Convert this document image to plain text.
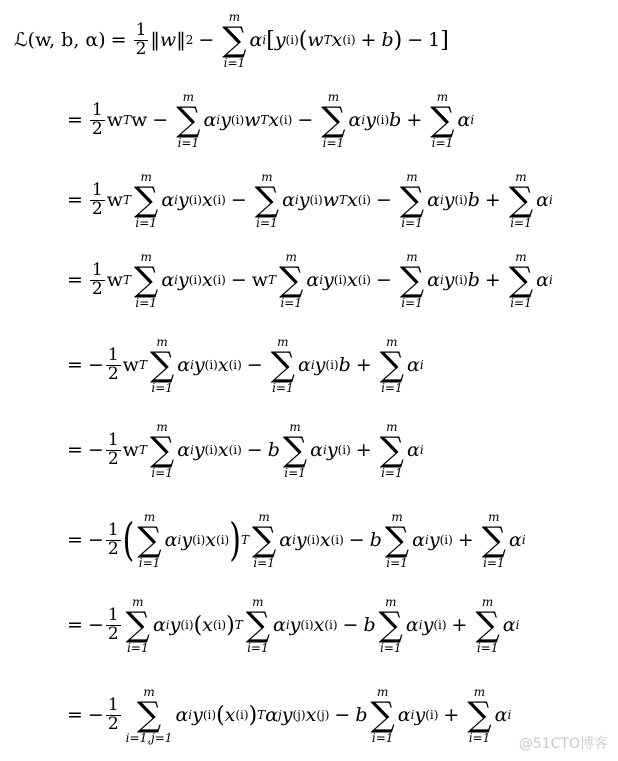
ℒ(w, b, $\alpha) = \frac{1}{2}$ ‖ w ‖ 2 −
m
∑
i=1
α i [ y (i) ( w T x (i) + b ) − 1 ]
= $\frac{1}{2}$ w T w −
m
∑
i=1
α i y (i) w T x (i) −
m
∑
i=1
α i y (i) b +
m
∑
i=1
α i
= $\frac{1}{2}$ w T
m
∑
i=1
α i y (i) x (i) −
m
∑
i=1
α i y (i) w T x (i) −
m
∑
i=1
α i y (i) b +
m
∑
i=1
α i
= $\frac{1}{2}$ w T
m
∑
i=1
α i y (i) x (i) − w T
m
∑
i=1
α i y (i) x (i) −
m
∑
i=1
α i y (i) b +
m
∑
i=1
α i
= − $\frac{1}{2}$ w T
m
∑
i=1
α i y (i) x (i) −
m
∑
i=1
α i y (i) b +
m
∑
i=1
α i
= − $\frac{1}{2}$ w T
m
∑
i=1
α i y (i) x (i) − b
m
∑
i=1
α i y (i) +
m
∑
i=1
α i
= − $\frac{1}{2}$ ( m
∑
i=1
α i y (i) x (i) ) T
m
∑
i=1
α i y (i) x (i) − b
m
∑
i=1
α i y (i) +
m
∑
i=1
α i
= − $\frac{1}{2}$
m
∑
i=1
α i y (i) ( x (i) ) T
m
∑
i=1
α i y (i) x (i) − b
m
∑
i=1
α i y (i) +
m
∑
i=1
α i
= − $\frac{1}{2}$
m
∑
i=1,j=1
α i y (i) ( x (i) ) T α j y (j) x (j) − b
m
∑
i=1
α i y (i) +
m
∑
i=1
α i
@51CTO博客
